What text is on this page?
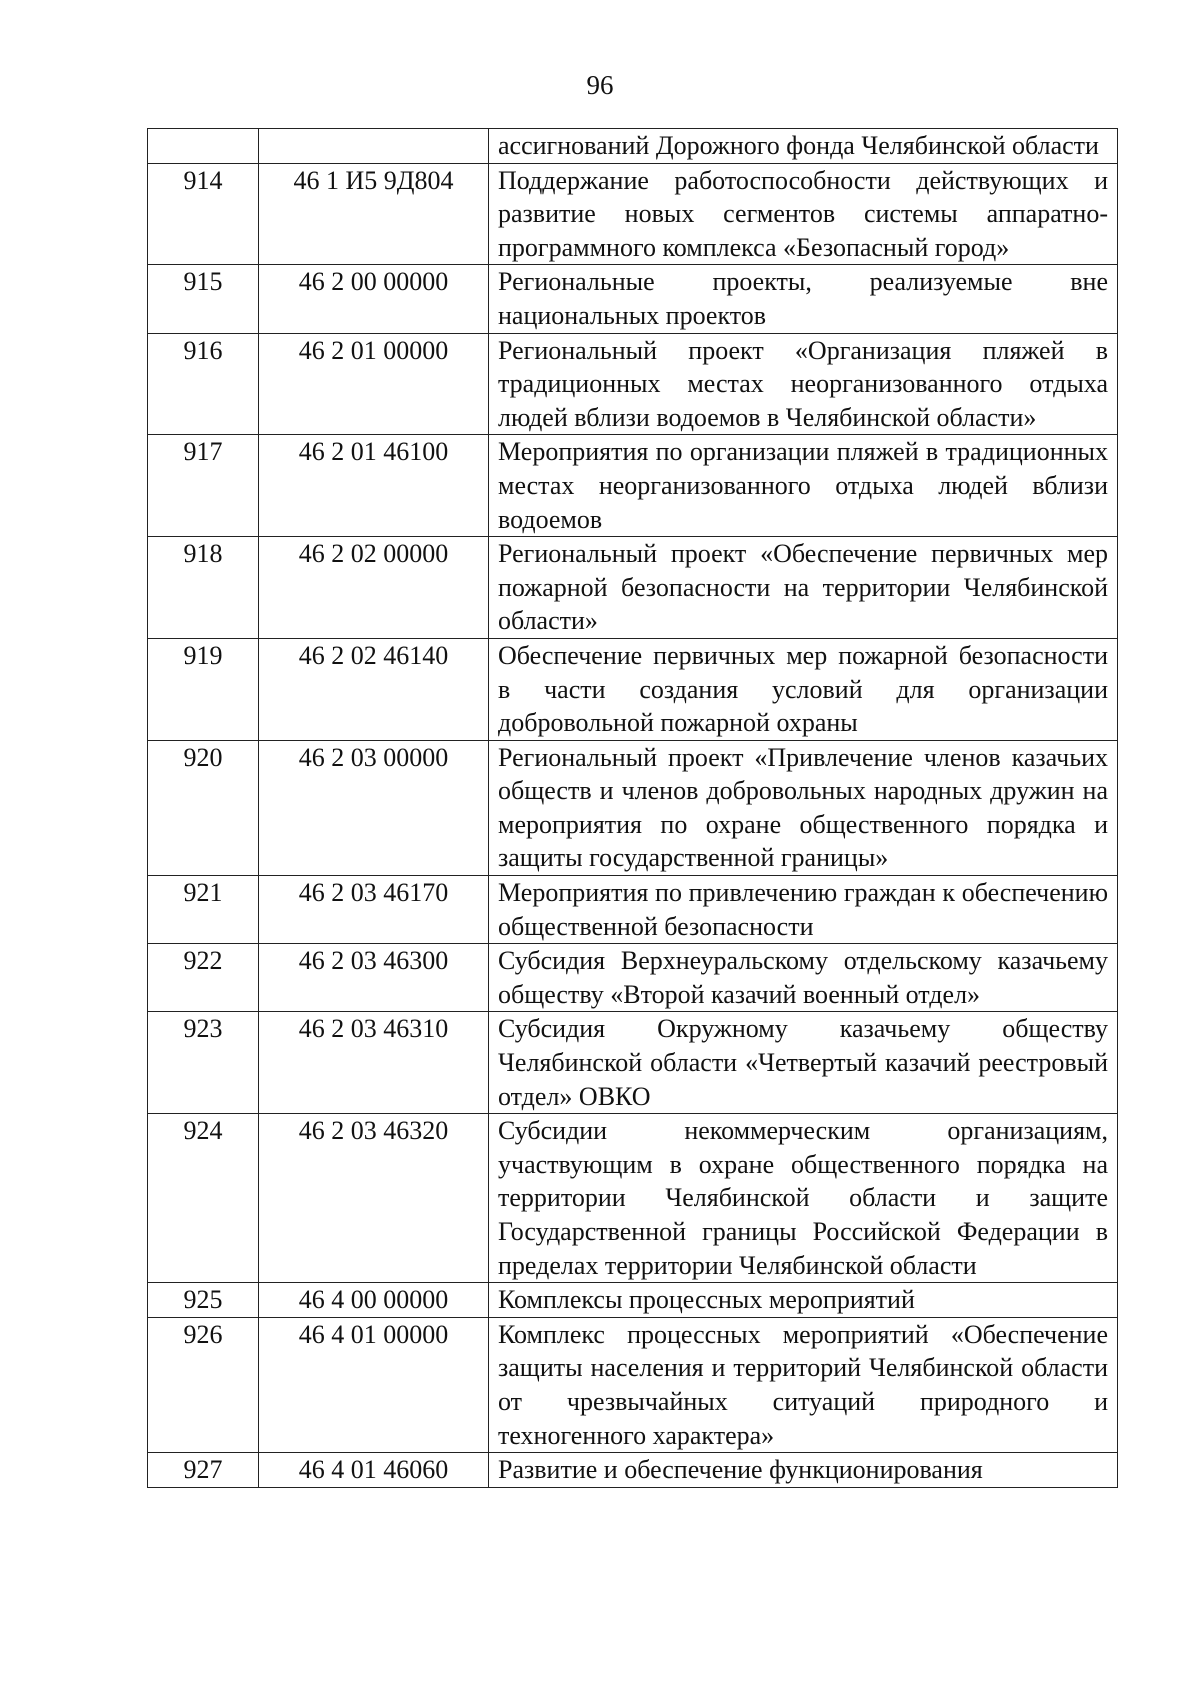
96
		ассигнований Дорожного фонда Челябинской области
914	46 1 И5 9Д804	Поддержание работоспособности действующих и развитие новых сегментов системы аппаратно-программного комплекса «Безопасный город»
915	46 2 00 00000	Региональные проекты, реализуемые вне национальных проектов
916	46 2 01 00000	Региональный проект «Организация пляжей в традиционных местах неорганизованного отдыха людей вблизи водоемов в Челябинской области»
917	46 2 01 46100	Мероприятия по организации пляжей в традиционных местах неорганизованного отдыха людей вблизи водоемов
918	46 2 02 00000	Региональный проект «Обеспечение первичных мер пожарной безопасности на территории Челябинской области»
919	46 2 02 46140	Обеспечение первичных мер пожарной безопасности в части создания условий для организации добровольной пожарной охраны
920	46 2 03 00000	Региональный проект «Привлечение членов казачьих обществ и членов добровольных народных дружин на мероприятия по охране общественного порядка и защиты государственной границы»
921	46 2 03 46170	Мероприятия по привлечению граждан к обеспечению общественной безопасности
922	46 2 03 46300	Субсидия Верхнеуральскому отдельскому казачьему обществу «Второй казачий военный отдел»
923	46 2 03 46310	Субсидия Окружному казачьему обществу Челябинской области «Четвертый казачий реестровый отдел» ОВКО
924	46 2 03 46320	Субсидии некоммерческим организациям, участвующим в охране общественного порядка на территории Челябинской области и защите Государственной границы Российской Федерации в пределах территории Челябинской области
925	46 4 00 00000	Комплексы процессных мероприятий
926	46 4 01 00000	Комплекс процессных мероприятий «Обеспечение защиты населения и территорий Челябинской области от чрезвычайных ситуаций природного и техногенного характера»
927	46 4 01 46060	Развитие и обеспечение функционирования
